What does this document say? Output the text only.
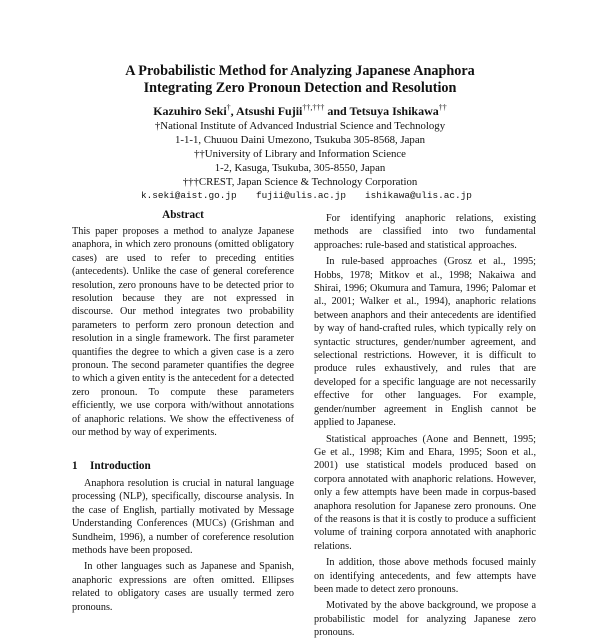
A Probabilistic Method for Analyzing Japanese Anaphora
Integrating Zero Pronoun Detection and Resolution
Kazuhiro Seki†, Atsushi Fujii††,††† and Tetsuya Ishikawa††
†National Institute of Advanced Industrial Science and Technology
1-1-1, Chuuou Daini Umezono, Tsukuba 305-8568, Japan
††University of Library and Information Science
1-2, Kasuga, Tsukuba, 305-8550, Japan
†††CREST, Japan Science & Technology Corporation
k.seki@aist.go.jp fujii@ulis.ac.jp ishikawa@ulis.ac.jp
Abstract

This paper proposes a method to analyze Japanese anaphora, in which zero pronouns (omitted obligatory cases) are used to refer to preceding entities (antecedents). Unlike the case of general coreference resolution, zero pronouns have to be detected prior to resolution because they are not expressed in discourse. Our method integrates two probability parameters to perform zero pronoun detection and resolution in a single framework. The first parameter quantifies the degree to which a given case is a zero pronoun. The second parameter quantifies the degree to which a given entity is the antecedent for a detected zero pronoun. To compute these parameters efficiently, we use corpora with/without annotations of anaphoric relations. We show the effectiveness of our method by way of experiments.

1 Introduction

Anaphora resolution is crucial in natural language processing (NLP), specifically, discourse analysis. In the case of English, partially motivated by Message Understanding Conferences (MUCs) (Grishman and Sundheim, 1996), a number of coreference resolution methods have been proposed.

In other languages such as Japanese and Spanish, anaphoric expressions are often omitted. Ellipses related to obligatory cases are usually termed zero pronouns.

For identifying anaphoric relations, existing methods are classified into two fundamental approaches: rule-based and statistical approaches.

In rule-based approaches (Grosz et al., 1995; Hobbs, 1978; Mitkov et al., 1998; Nakaiwa and Shirai, 1996; Okumura and Tamura, 1996; Palomar et al., 2001; Walker et al., 1994), anaphoric relations between anaphors and their antecedents are identified by way of hand-crafted rules, which typically rely on syntactic structures, gender/number agreement, and selectional restrictions. However, it is difficult to produce rules exhaustively, and rules that are developed for a specific language are not necessarily effective for other languages. For example, gender/number agreement in English cannot be applied to Japanese.

Statistical approaches (Aone and Bennett, 1995; Ge et al., 1998; Kim and Ehara, 1995; Soon et al., 2001) use statistical models produced based on corpora annotated with anaphoric relations. However, only a few attempts have been made in corpus-based anaphora resolution for Japanese zero pronouns. One of the reasons is that it is costly to produce a sufficient volume of training corpora annotated with anaphoric relations.

In addition, those above methods focused mainly on identifying antecedents, and few attempts have been made to detect zero pronouns.

Motivated by the above background, we propose a probabilistic model for analyzing Japanese zero pronouns.
